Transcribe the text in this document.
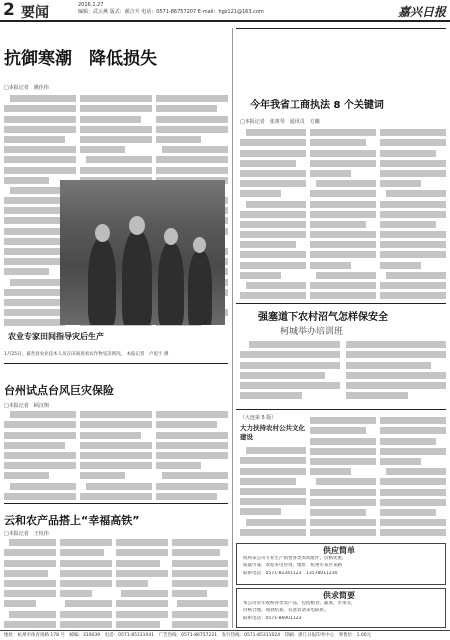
2 要闻	2016.1.27
编辑：武云燕 版式：郝合升 电话：0571-86757207 E-mail：hgz121@163.com	嘉兴日报
抗御寒潮　降低损失
□本报记者　姚佳伟
农业专家田间指导灾后生产
1月25日，嘉善县农业技术人员在田间查看农作物受冻情况。 本报记者　卢思宇 摄
台州试点台风巨灾保险
□本报记者　顾汉翔
云和农产品搭上“幸福高铁”
□本报记者　王恒伟
今年我省工商执法 8 个关键词
□本报记者　张祖琴　通讯员　方璐
强塞道下农村沼气怎样保安全
柯城举办培训班
（大连第 5 版）
大力扶持农村公共文化建设
供应简单
杭州某公司专业生产销售各类农机配件，价格优惠，
质量可靠，欢迎来电咨询，地址：杭州市某区某路
联系电话：0571-82341123　13578011230
供求简要
本公司常年收购各类农产品，包括粮食、蔬菜、水果等，
价格合理，现款结算。有意者请来电联系。
联系电话：0571-86901123
地址：杭州市体育场路 178 号　邮编：310039　电话：0571-85311041　广告热线：0571-86757221　发行热线：0571-85311024　印刷：浙江日报印务中心　零售价：1.00元
